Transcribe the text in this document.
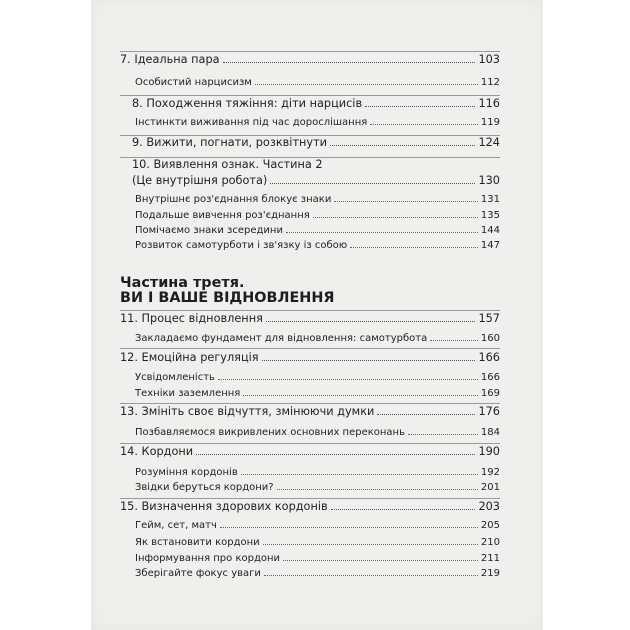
7. Ідеальна пара	103
Особистий нарцисизм	112
8. Походження тяжіння: діти нарцисів	116
Інстинкти виживання під час дорослішання	119
9. Вижити, погнати, розквітнути	124
10. Виявлення ознак. Частина 2
(Це внутрішня робота)	130
Внутрішнє роз'єднання блокує знаки	131
Подальше вивчення роз'єднання	135
Помічаємо знаки зсередини	144
Розвиток самотурботи і зв'язку із собою	147
Частина третя.
ВИ І ВАШЕ ВІДНОВЛЕННЯ
11. Процес відновлення	157
Закладаємо фундамент для відновлення: самотурбота	160
12. Емоційна регуляція	166
Усвідомленість	166
Техніки заземлення	169
13. Змініть своє відчуття, змінюючи думки	176
Позбавляємося викривлених основних переконань	184
14. Кордони	190
Розуміння кордонів	192
Звідки беруться кордони?	201
15. Визначення здорових кордонів	203
Гейм, сет, матч	205
Як встановити кордони	210
Інформування про кордони	211
Зберігайте фокус уваги	219
